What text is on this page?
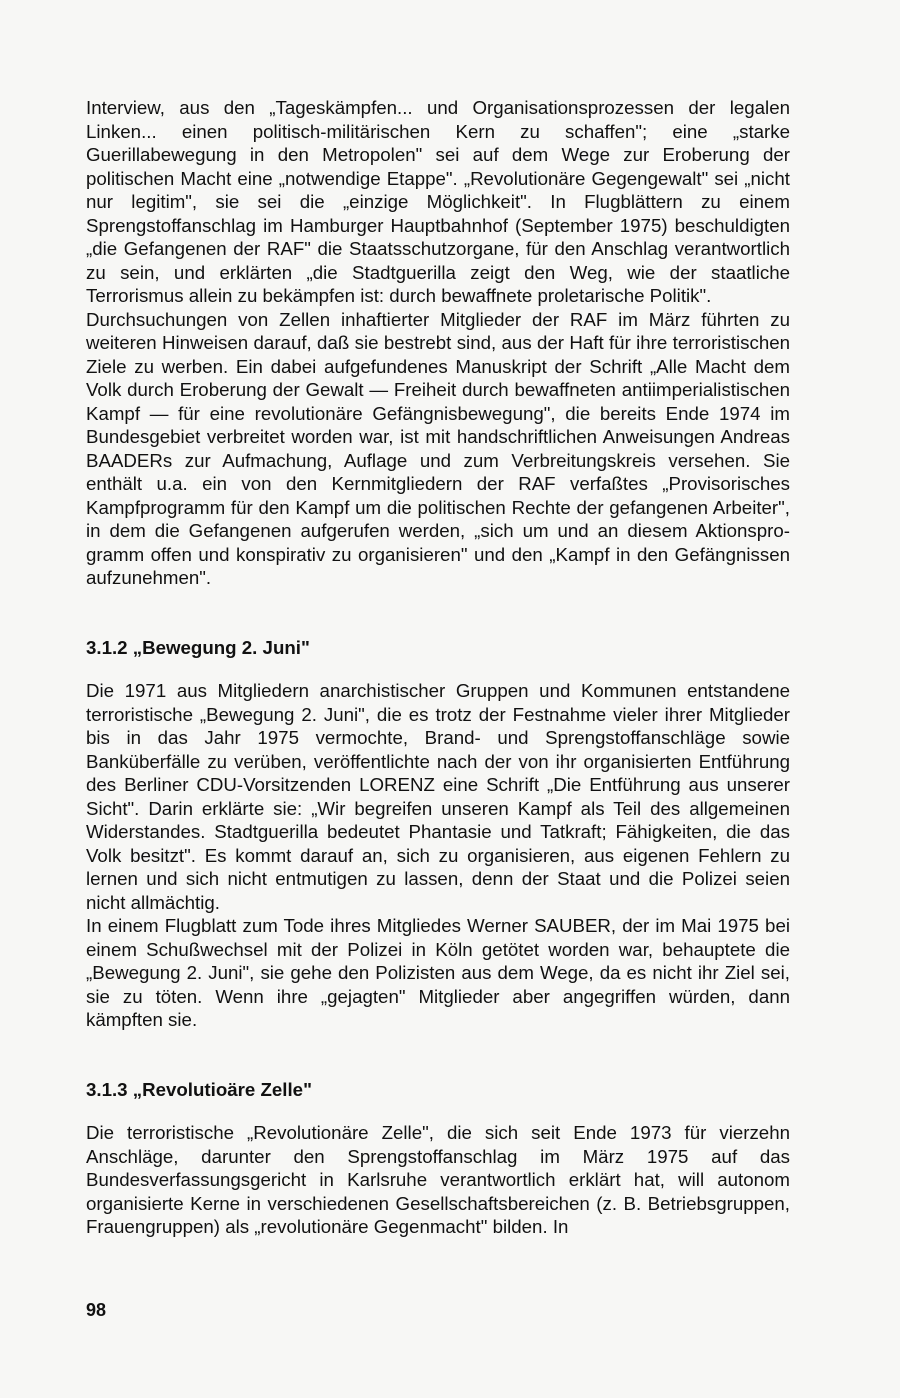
Interview, aus den „Tageskämpfen... und Organisationsprozessen der legalen Linken... einen politisch-militärischen Kern zu schaffen"; eine „starke Guerillabewegung in den Metropolen" sei auf dem Wege zur Eroberung der politischen Macht eine „notwendige Etappe". „Revolutionäre Gegengewalt" sei „nicht nur legitim", sie sei die „einzige Möglichkeit". In Flugblättern zu einem Sprengstoffanschlag im Hamburger Hauptbahnhof (September 1975) beschuldigten „die Gefangenen der RAF" die Staatsschutzorgane, für den Anschlag verantwortlich zu sein, und erklärten „die Stadtguerilla zeigt den Weg, wie der staatliche Terrorismus allein zu bekämpfen ist: durch bewaffnete proletarische Politik".

Durchsuchungen von Zellen inhaftierter Mitglieder der RAF im März führten zu weiteren Hinweisen darauf, daß sie bestrebt sind, aus der Haft für ihre terroristischen Ziele zu werben. Ein dabei aufgefundenes Manuskript der Schrift „Alle Macht dem Volk durch Eroberung der Gewalt — Freiheit durch bewaffneten antiimperialistischen Kampf — für eine revolutionäre Gefängnisbewegung", die bereits Ende 1974 im Bundesgebiet verbreitet worden war, ist mit handschriftlichen Anweisungen Andreas BAADERs zur Aufmachung, Auflage und zum Verbreitungskreis versehen. Sie enthält u.a. ein von den Kernmitgliedern der RAF verfaßtes „Provisorisches Kampfprogramm für den Kampf um die politischen Rechte der gefangenen Arbeiter", in dem die Gefangenen aufgerufen werden, „sich um und an diesem Aktionsprogramm offen und konspirativ zu organisieren" und den „Kampf in den Gefängnissen aufzunehmen".

3.1.2 „Bewegung 2. Juni"

Die 1971 aus Mitgliedern anarchistischer Gruppen und Kommunen entstandene terroristische „Bewegung 2. Juni", die es trotz der Festnahme vieler ihrer Mitglieder bis in das Jahr 1975 vermochte, Brand- und Sprengstoffanschläge sowie Banküberfälle zu verüben, veröffentlichte nach der von ihr organisierten Entführung des Berliner CDU-Vorsitzenden LORENZ eine Schrift „Die Entführung aus unserer Sicht". Darin erklärte sie: „Wir begreifen unseren Kampf als Teil des allgemeinen Widerstandes. Stadtguerilla bedeutet Phantasie und Tatkraft; Fähigkeiten, die das Volk besitzt". Es kommt darauf an, sich zu organisieren, aus eigenen Fehlern zu lernen und sich nicht entmutigen zu lassen, denn der Staat und die Polizei seien nicht allmächtig.

In einem Flugblatt zum Tode ihres Mitgliedes Werner SAUBER, der im Mai 1975 bei einem Schußwechsel mit der Polizei in Köln getötet worden war, behauptete die „Bewegung 2. Juni", sie gehe den Polizisten aus dem Wege, da es nicht ihr Ziel sei, sie zu töten. Wenn ihre „gejagten" Mitglieder aber angegriffen würden, dann kämpften sie.

3.1.3 „Revolutioäre Zelle"

Die terroristische „Revolutionäre Zelle", die sich seit Ende 1973 für vierzehn Anschläge, darunter den Sprengstoffanschlag im März 1975 auf das Bundesverfassungsgericht in Karlsruhe verantwortlich erklärt hat, will autonom organisierte Kerne in verschiedenen Gesellschaftsbereichen (z. B. Betriebsgruppen, Frauengruppen) als „revolutionäre Gegenmacht" bilden. In

98
